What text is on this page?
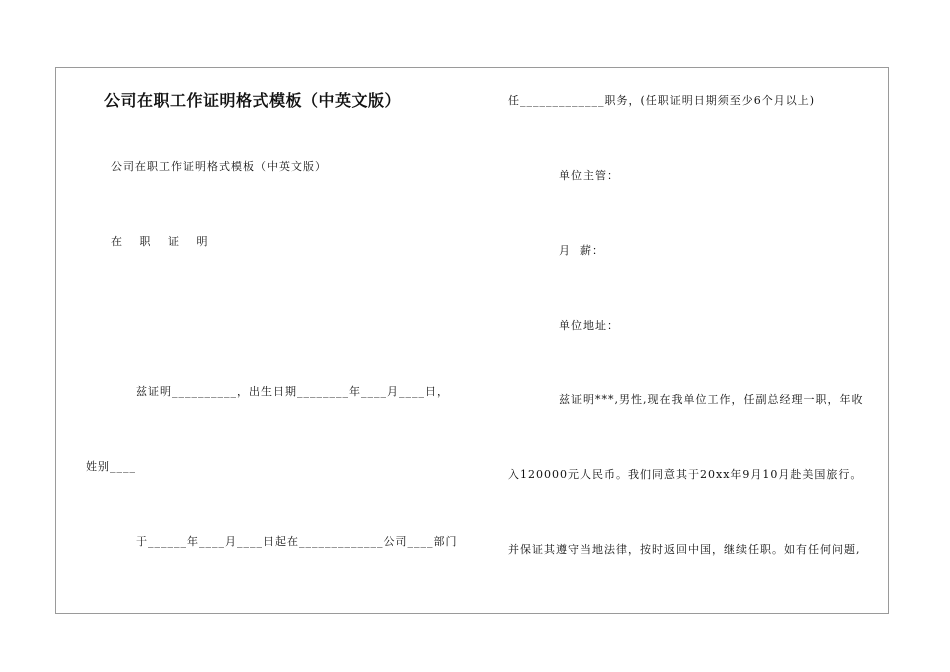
公司在职工作证明格式模板（中英文版）
公司在职工作证明格式模板（中英文版）
在 职 证 明
兹证明__________，出生日期________年____月____日，
姓别____
于______年____月____日起在_____________公司____部门
任_____________职务，(任职证明日期须至少6个月以上)
单位主管：
月  薪：
单位地址：
兹证明***,男性,现在我单位工作，任副总经理一职，年收
入120000元人民币。我们同意其于20xx年9月10月赴美国旅行。
并保证其遵守当地法律，按时返回中国，继续任职。如有任何问题,
